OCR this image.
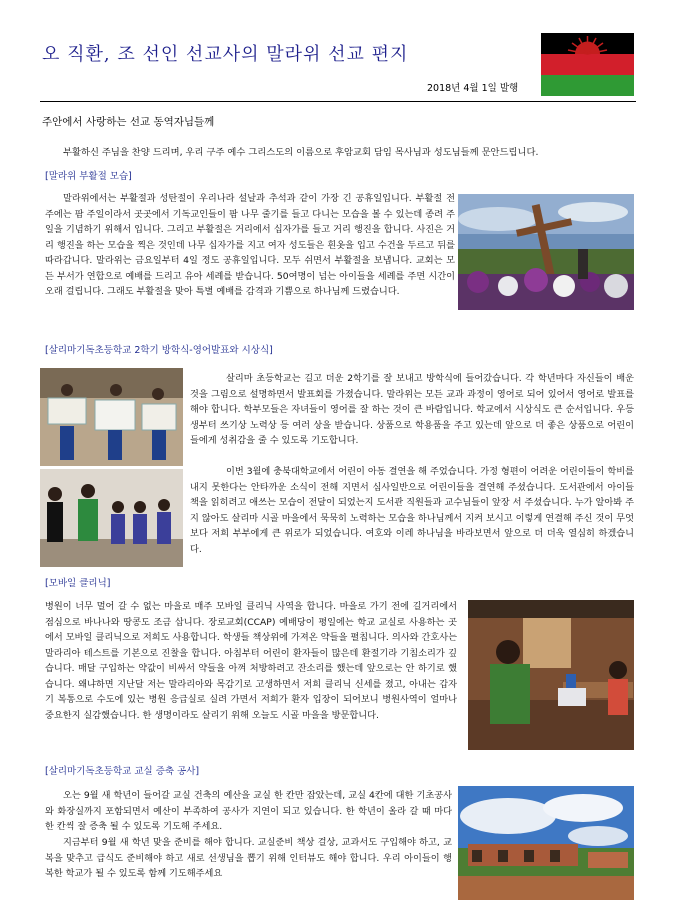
오 직환, 조 선인 선교사의 말라위 선교 편지
2018년 4월 1일 발행
주안에서 사랑하는 선교 동역자님들께
부활하신 주님을 찬양 드리며, 우리 구주 예수 그리스도의 이름으로 후암교회 담임 목사님과 성도님들께 문안드립니다.
[말라위 부활절 모습]
말라위에서는 부활절과 성탄절이 우리나라 설날과 추석과 같이 가장 긴 공휴일입니다. 부활절 전 주에는 팜 주일이라서 곳곳에서 기독교인들이 팜 나무 줄기를 들고 다니는 모습을 볼 수 있는데 종려 주일을 기념하기 위해서 입니다. 그리고 부활절은 거리에서 십자가를 들고 거리 행진을 합니다. 사진은 거리 행진을 하는 모습을 찍은 것인데 나무 십자가를 지고 여자 성도들은 흰옷을 입고 수건을 두르고 뒤를 따라갑니다. 말라위는 금요일부터 4일 정도 공휴일입니다. 모두 쉬면서 부활절을 보냅니다. 교회는 모든 부서가 연합으로 예배를 드리고 유아 세례를 받습니다. 50여명이 넘는 아이들을 세례를 주면 시간이 오래 걸립니다. 그래도 부활절을 맞아 특별 예배를 감격과 기쁨으로 하나님께 드렸습니다.
[살리마기독초등학교 2학기 방학식-영어발표와 시상식]
살리마 초등학교는 길고 더운 2학기를 잘 보내고 방학식에 들어갔습니다. 각 학년마다 자신들이 배운 것을 그림으로 설명하면서 발표회를 가졌습니다. 말라위는 모든 교과 과정이 영어로 되어 있어서 영어로 발표를 해야 합니다. 학부모들은 자녀들이 영어를 잘 하는 것이 큰 바람입니다. 학교에서 시상식도 큰 순서입니다. 우등생부터 쓰기상 노력상 등 여러 상을 받습니다. 상품으로 학용품을 주고 있는데 앞으로 더 좋은 상품으로 어린이들에게 성취감을 줄 수 있도록 기도합니다.
이번 3월에 충북대학교에서 어린이 아동 결연을 해 주었습니다. 가정 형편이 어려운 어린이들이 학비를 내지 못한다는 안타까운 소식이 전해 지면서 심사일반으로 어린이들을 결연해 주셨습니다. 도서관에서 아이들 책을 읽히려고 애쓰는 모습이 전달이 되었는지 도서관 직원들과 교수님들이 앞장 서 주셨습니다. 누가 알아봐 주지 않아도 살리마 시골 마을에서 묵묵히 노력하는 모습을 하나님께서 지켜 보시고 이렇게 연결해 주신 것이 무엇보다 저희 부부에게 큰 위로가 되었습니다. 여호와 이레 하나님을 바라보면서 앞으로 더 더욱 열심히 하겠습니다.
[모바일 클리닉]
병원이 너무 멀어 갈 수 없는 마을로 매주 모바일 클리닉 사역을 합니다. 마을로 가기 전에 길거리에서 점심으로 바나나와 땅콩도 조금 삽니다. 장로교회(CCAP) 예배당이 평일에는 학교 교실로 사용하는 곳에서 모바일 클리닉으로 저희도 사용합니다. 학생들 책상위에 가져온 약들을 펼칩니다. 의사와 간호사는 말라리아 테스트를 기본으로 진찰을 합니다. 아침부터 어린이 환자들이 많은데 환절기라 기침소리가 깊습니다. 매달 구입하는 약값이 비싸서 약들을 아껴 처방하려고 잔소리를 했는데 앞으로는 안 하기로 했습니다. 왜냐하면 지난달 저는 말라리아와 목감기로 고생하면서 저희 클리닉 신세를 졌고, 아내는 갑자기 복통으로 수도에 있는 병원 응급실로 실려 가면서 저희가 환자 입장이 되어보니 병원사역이 얼마나 중요한지 실감했습니다. 한 생명이라도 살리기 위해 오늘도 시골 마을을 방문합니다.
[살리마기독초등학교 교실 증축 공사]
오는 9월 새 학년이 들어갈 교실 건축의 예산을 교실 한 칸만 잡았는데, 교실 4칸에 대한 기초공사와 화장실까지 포함되면서 예산이 부족하여 공사가 지연이 되고 있습니다. 한 학년이 올라 갈 때 마다 한 칸씩 잘 증축 될 수 있도록 기도해 주세요.
지금부터 9월 새 학년 맞을 준비를 해야 합니다. 교실준비 책상 걸상, 교과서도 구입해야 하고, 교복을 맞추고 급식도 준비해야 하고 새로 선생님을 뽑기 위해 인터뷰도 해야 합니다. 우리 아이들이 행복한 학교가 될 수 있도록 함께 기도해주세요
